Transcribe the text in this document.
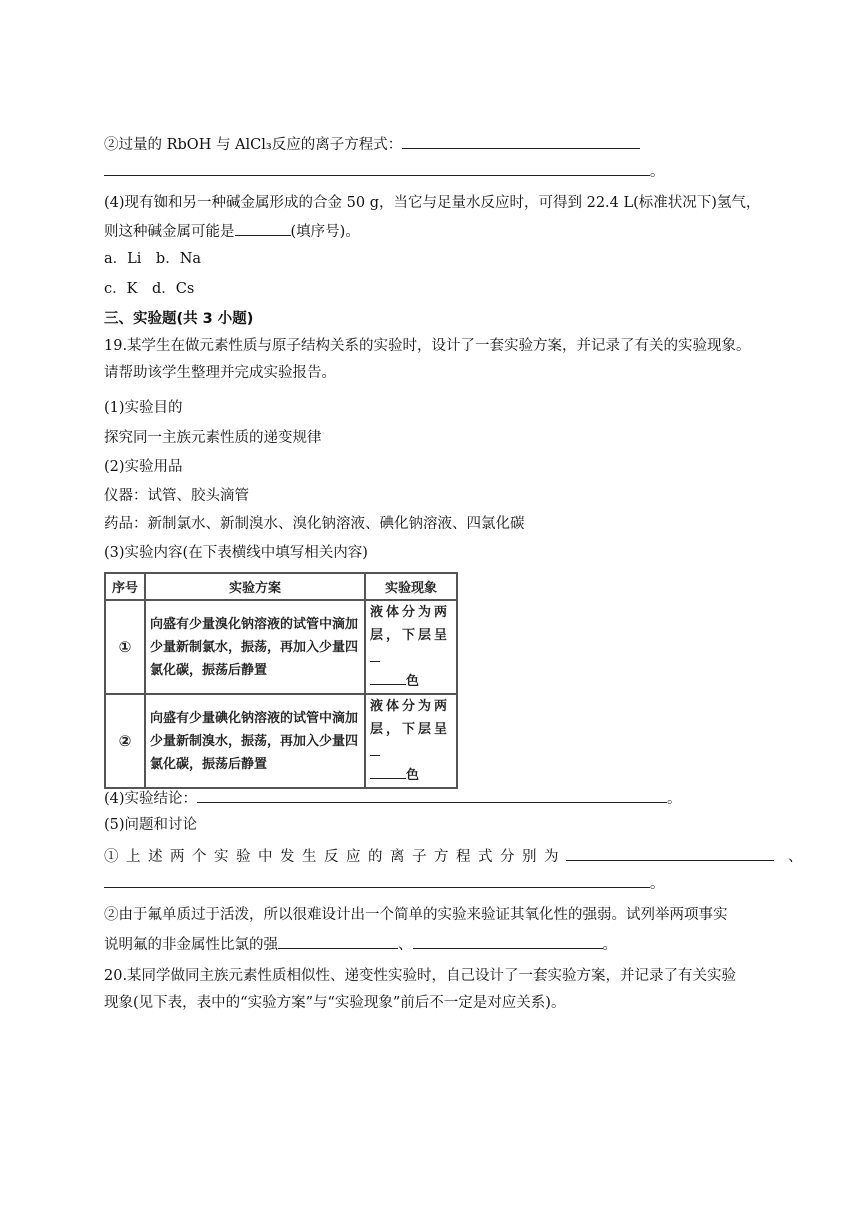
②过量的 RbOH 与 AlCl₃反应的离子方程式：
。
(4)现有铷和另一种碱金属形成的合金 50 g，当它与足量水反应时，可得到 22.4 L(标准状况下)氢气，
则这种碱金属可能是	(填序号)。
a．Li　b．Na
c．K　d．Cs
三、实验题(共 3 小题)
19.某学生在做元素性质与原子结构关系的实验时，设计了一套实验方案，并记录了有关的实验现象。
请帮助该学生整理并完成实验报告。
(1)实验目的
探究同一主族元素性质的递变规律
(2)实验用品
仪器：试管、胶头滴管
药品：新制氯水、新制溴水、溴化钠溶液、碘化钠溶液、四氯化碳
(3)实验内容(在下表横线中填写相关内容)
序号	实验方案	实验现象
①	向盛有少量溴化钠溶液的试管中滴加少量新制氯水，振荡，再加入少量四氯化碳，振荡后静置	液体分为两层，下层呈
色
②	向盛有少量碘化钠溶液的试管中滴加少量新制溴水，振荡，再加入少量四氯化碳，振荡后静置	液体分为两层，下层呈
色
(4)实验结论：	。
(5)问题和讨论
①上述两个实验中发生反应的离子方程式分别为	、
。
②由于氟单质过于活泼，所以很难设计出一个简单的实验来验证其氧化性的强弱。试列举两项事实
说明氟的非金属性比氯的强	、	。
20.某同学做同主族元素性质相似性、递变性实验时，自己设计了一套实验方案，并记录了有关实验
现象(见下表，表中的“实验方案”与“实验现象”前后不一定是对应关系)。
